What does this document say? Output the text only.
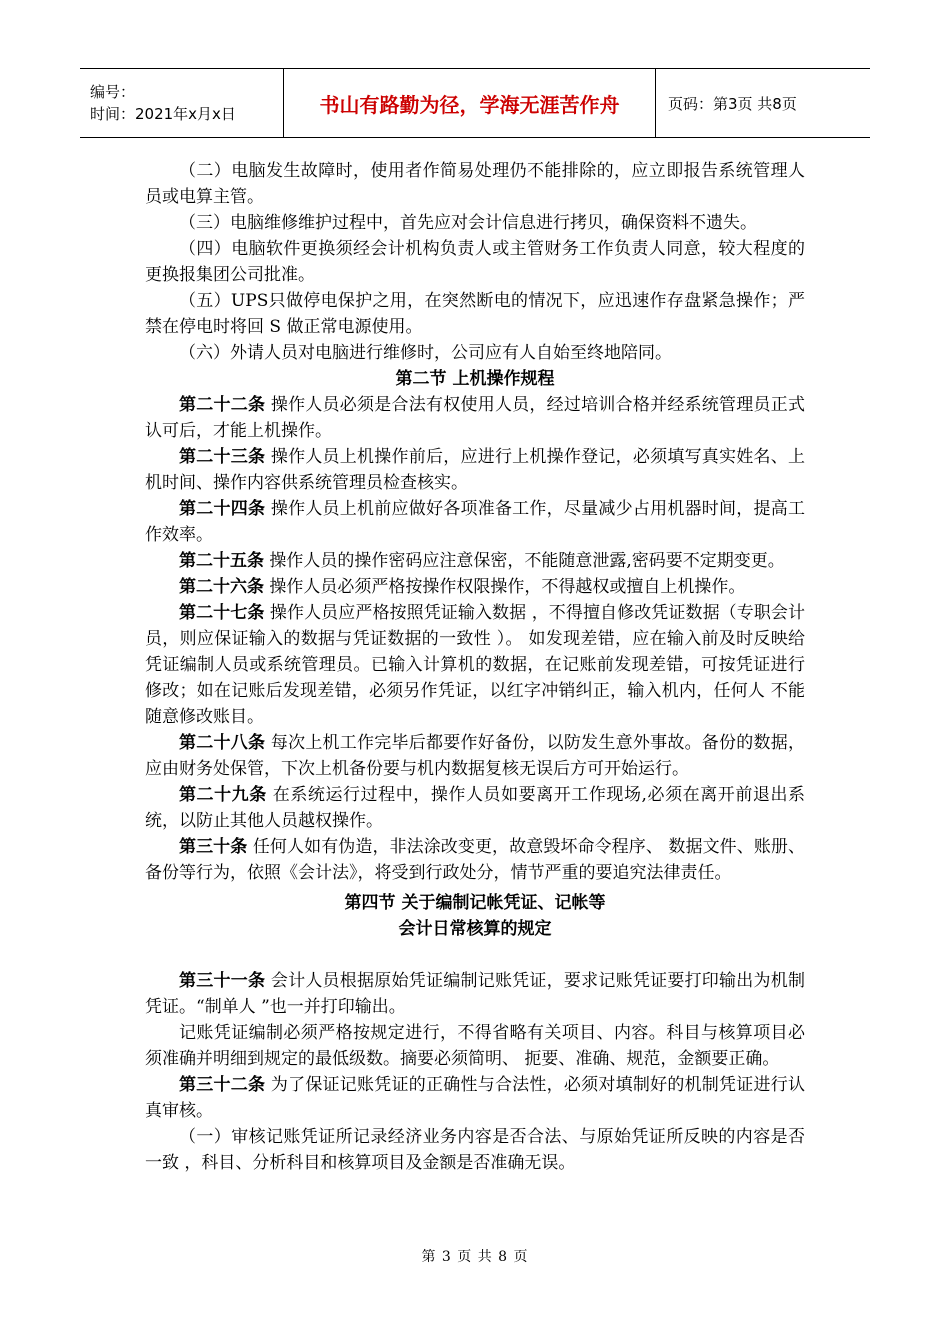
编号：
时间：2021年x月x日	书山有路勤为径，学海无涯苦作舟	页码：第3页 共8页

（二）电脑发生故障时，使用者作简易处理仍不能排除的，应立即报告系统管理人员或电算主管。

（三）电脑维修维护过程中，首先应对会计信息进行拷贝，确保资料不遗失。

（四）电脑软件更换须经会计机构负责人或主管财务工作负责人同意，较大程度的更换报集团公司批准。

（五）UPS只做停电保护之用，在突然断电的情况下，应迅速作存盘紧急操作；严禁在停电时将回 S 做正常电源使用。

（六）外请人员对电脑进行维修时，公司应有人自始至终地陪同。

第二节 上机操作规程

第二十二条 操作人员必须是合法有权使用人员，经过培训合格并经系统管理员正式认可后，才能上机操作。

第二十三条 操作人员上机操作前后，应进行上机操作登记，必须填写真实姓名、上机时间、操作内容供系统管理员检查核实。

第二十四条 操作人员上机前应做好各项准备工作，尽量减少占用机器时间，提高工作效率。

第二十五条 操作人员的操作密码应注意保密，不能随意泄露,密码要不定期变更。

第二十六条 操作人员必须严格按操作权限操作，不得越权或擅自上机操作。

第二十七条 操作人员应严格按照凭证输入数据 ，不得擅自修改凭证数据（专职会计员，则应保证输入的数据与凭证数据的一致性 ）。 如发现差错，应在输入前及时反映给凭证编制人员或系统管理员。已输入计算机的数据，在记账前发现差错，可按凭证进行修改；如在记账后发现差错，必须另作凭证，以红字冲销纠正，输入机内，任何人 不能随意修改账目。

第二十八条 每次上机工作完毕后都要作好备份，以防发生意外事故。备份的数据，应由财务处保管，下次上机备份要与机内数据复核无误后方可开始运行。

第二十九条 在系统运行过程中，操作人员如要离开工作现场,必须在离开前退出系统，以防止其他人员越权操作。

第三十条 任何人如有伪造，非法涂改变更，故意毁坏命令程序、 数据文件、账册、备份等行为，依照《会计法》，将受到行政处分，情节严重的要追究法律责任。

第四节 关于编制记帐凭证、记帐等

会计日常核算的规定

第三十一条 会计人员根据原始凭证编制记账凭证，要求记账凭证要打印输出为机制凭证。“制单人 ”也一并打印输出。

记账凭证编制必须严格按规定进行，不得省略有关项目、内容。科目与核算项目必须准确并明细到规定的最低级数。摘要必须简明、 扼要、准确、规范，金额要正确。

第三十二条 为了保证记账凭证的正确性与合法性，必须对填制好的机制凭证进行认真审核。

（一）审核记账凭证所记录经济业务内容是否合法、与原始凭证所反映的内容是否一致 ，科目、分析科目和核算项目及金额是否准确无误。

第 3 页 共 8 页
